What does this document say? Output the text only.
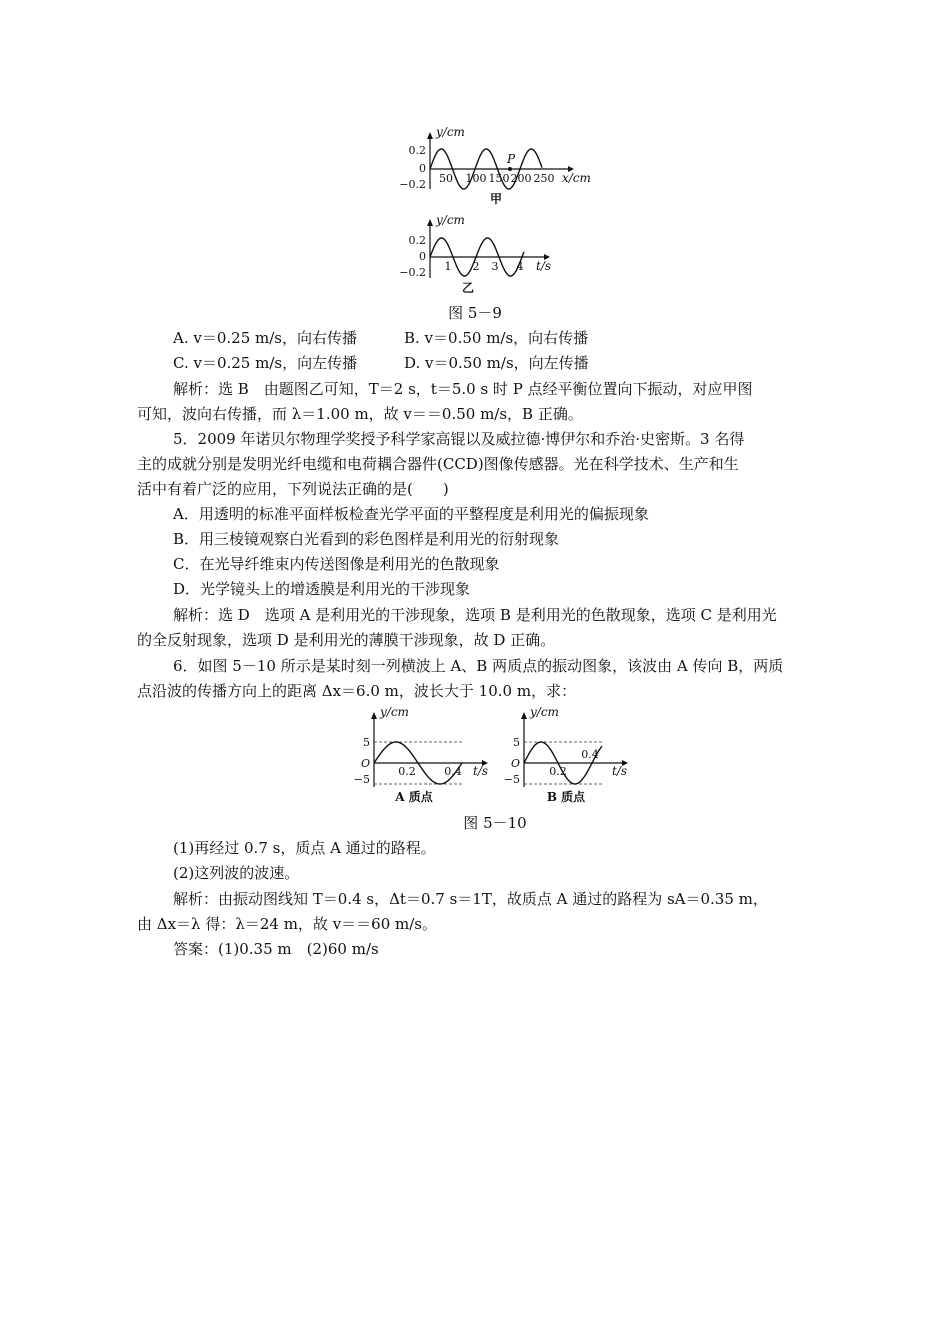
y/cm
0.2
0
−0.2 50 100 150 200 250 x/cm
P
甲
y/cm
0.2
0
−0.2 1 2 3 4 t/s
乙
图 5－9
A. v＝0.25 m/s，向右传播	B. v＝0.50 m/s，向右传播
C. v＝0.25 m/s，向左传播	D. v＝0.50 m/s，向左传播
解析：选 B　由题图乙可知，T＝2 s，t＝5.0 s 时 P 点经平衡位置向下振动，对应甲图
可知，波向右传播，而 λ＝1.00 m，故 v＝＝0.50 m/s，B 正确。
5．2009 年诺贝尔物理学奖授予科学家高锟以及威拉德·博伊尔和乔治·史密斯。3 名得
主的成就分别是发明光纤电缆和电荷耦合器件(CCD)图像传感器。光在科学技术、生产和生
活中有着广泛的应用，下列说法正确的是(　　)
A．用透明的标准平面样板检查光学平面的平整程度是利用光的偏振现象
B．用三棱镜观察白光看到的彩色图样是利用光的衍射现象
C．在光导纤维束内传送图像是利用光的色散现象
D．光学镜头上的增透膜是利用光的干涉现象
解析：选 D　选项 A 是利用光的干涉现象，选项 B 是利用光的色散现象，选项 C 是利用光
的全反射现象，选项 D 是利用光的薄膜干涉现象，故 D 正确。
6．如图 5－10 所示是某时刻一列横波上 A、B 两质点的振动图象，该波由 A 传向 B，两质
点沿波的传播方向上的距离 Δx＝6.0 m，波长大于 10.0 m，求：
y/cm
5
O
−5
0.2	0.4 t/s
A 质点
y/cm
5
O
−5
0.2
0.4
t/s
B 质点
图 5－10
(1)再经过 0.7 s，质点 A 通过的路程。
(2)这列波的波速。
解析：由振动图线知 T＝0.4 s，Δt＝0.7 s＝1T，故质点 A 通过的路程为 sA＝0.35 m，
由 Δx＝λ 得：λ＝24 m，故 v＝＝60 m/s。
答案：(1)0.35 m　(2)60 m/s
